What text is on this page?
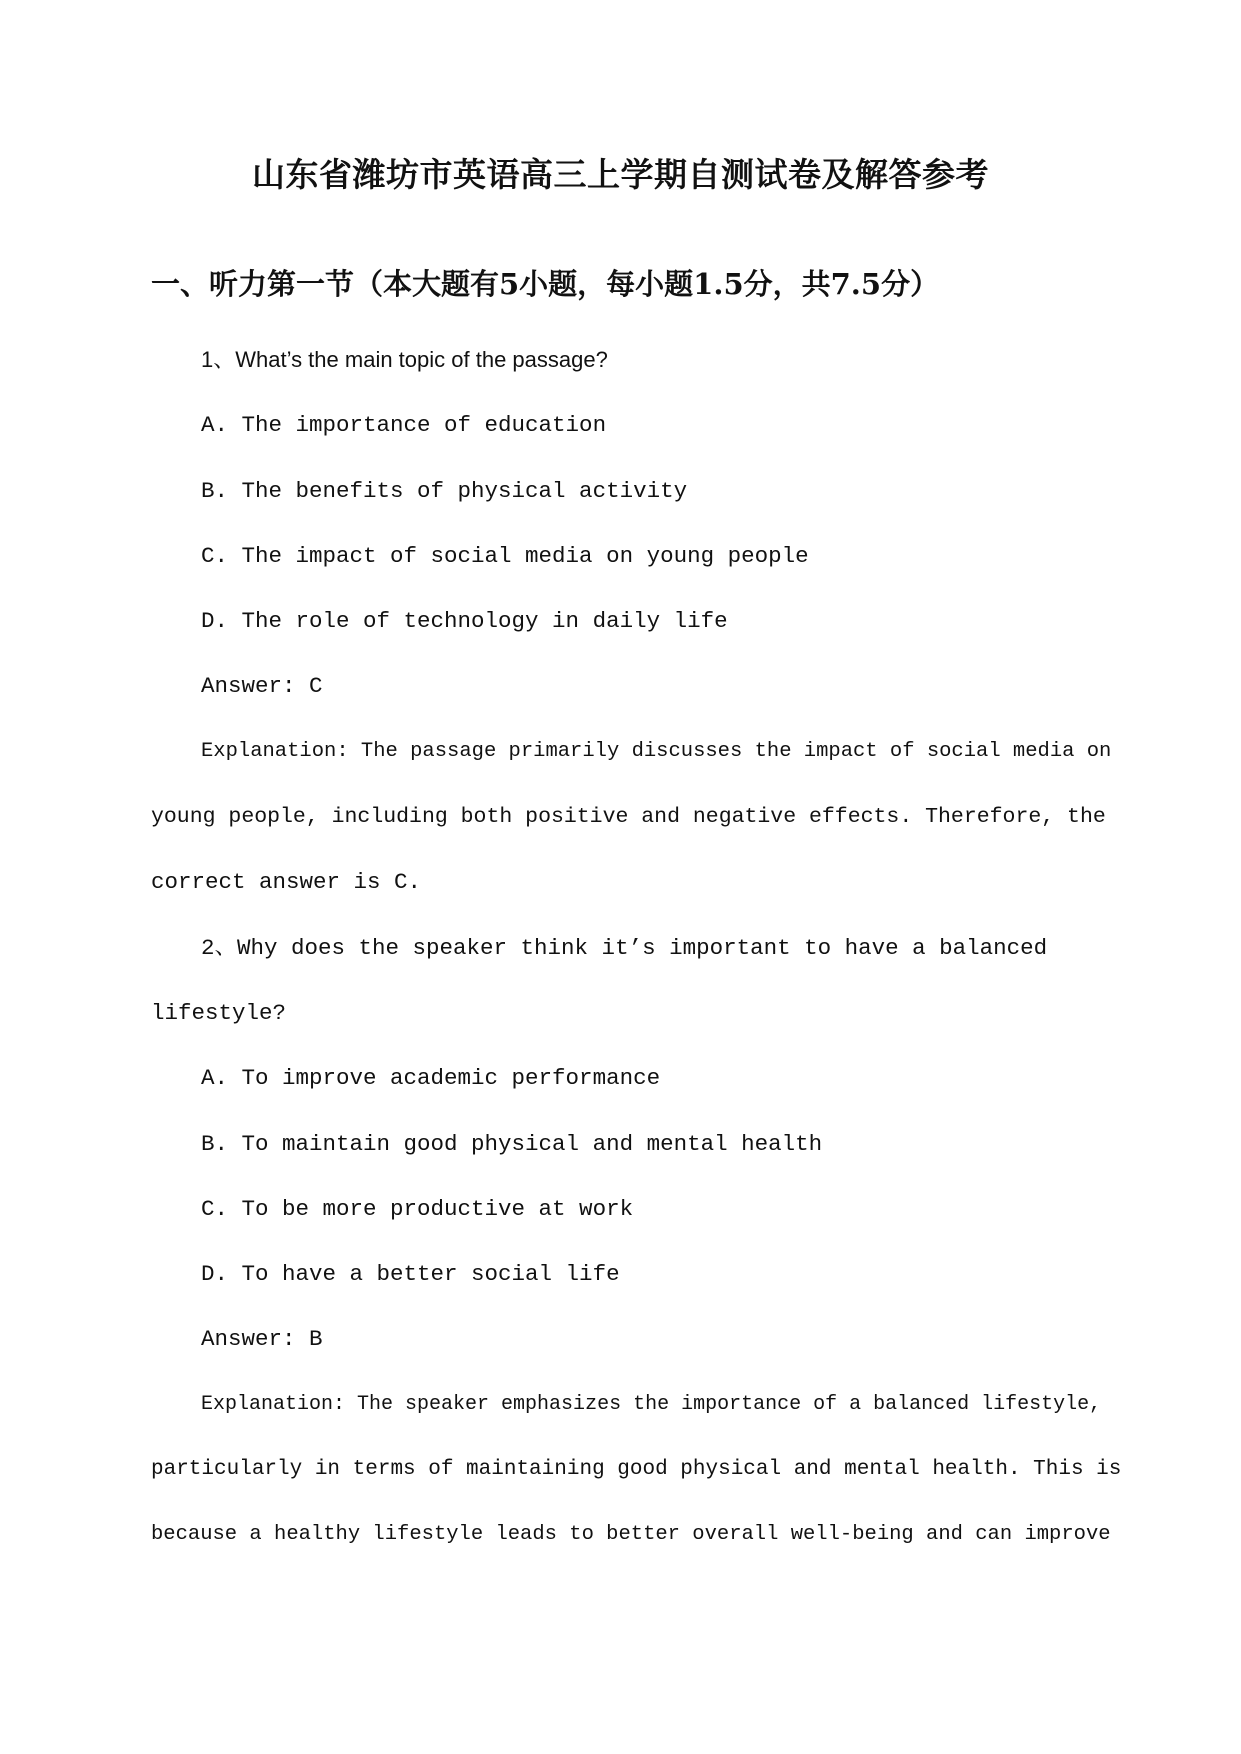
山东省潍坊市英语高三上学期自测试卷及解答参考
一、听力第一节（本大题有5小题，每小题1.5分，共7.5分）

1、What’s the main topic of the passage?

A. The importance of education

B. The benefits of physical activity

C. The impact of social media on young people

D. The role of technology in daily life

Answer: C

Explanation: The passage primarily discusses the impact of social media on

young people, including both positive and negative effects. Therefore, the

correct answer is C.

2、Why does the speaker think it’s important to have a balanced

lifestyle?

A. To improve academic performance

B. To maintain good physical and mental health

C. To be more productive at work

D. To have a better social life

Answer: B

Explanation: The speaker emphasizes the importance of a balanced lifestyle,

particularly in terms of maintaining good physical and mental health. This is

because a healthy lifestyle leads to better overall well-being and can improve
